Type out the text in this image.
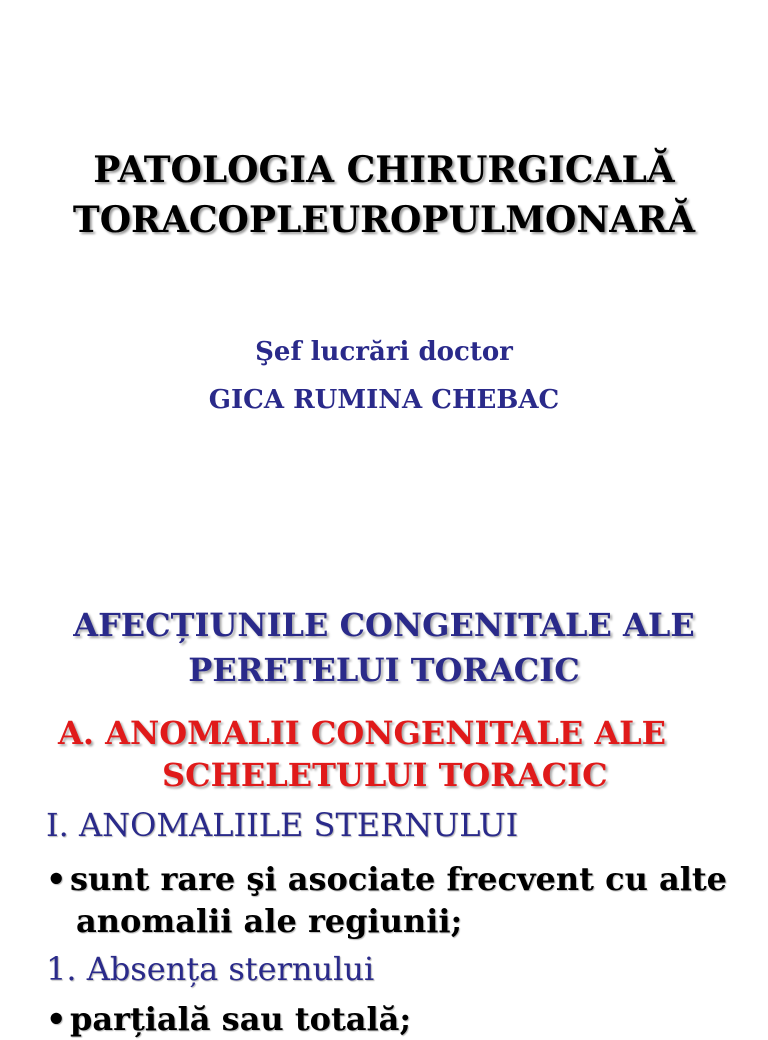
PATOLOGIA CHIRURGICALĂ
TORACOPLEUROPULMONARĂ

Şef lucrări doctor

GICA RUMINA CHEBAC

AFECȚIUNILE CONGENITALE ALE
PERETELUI TORACIC
A. ANOMALII CONGENITALE ALE
SCHELETULUI TORACIC

I. ANOMALIILE STERNULUI

• sunt rare şi asociate frecvent cu alte

anomalii ale regiunii;

1. Absența sternului

• parțială sau totală;
